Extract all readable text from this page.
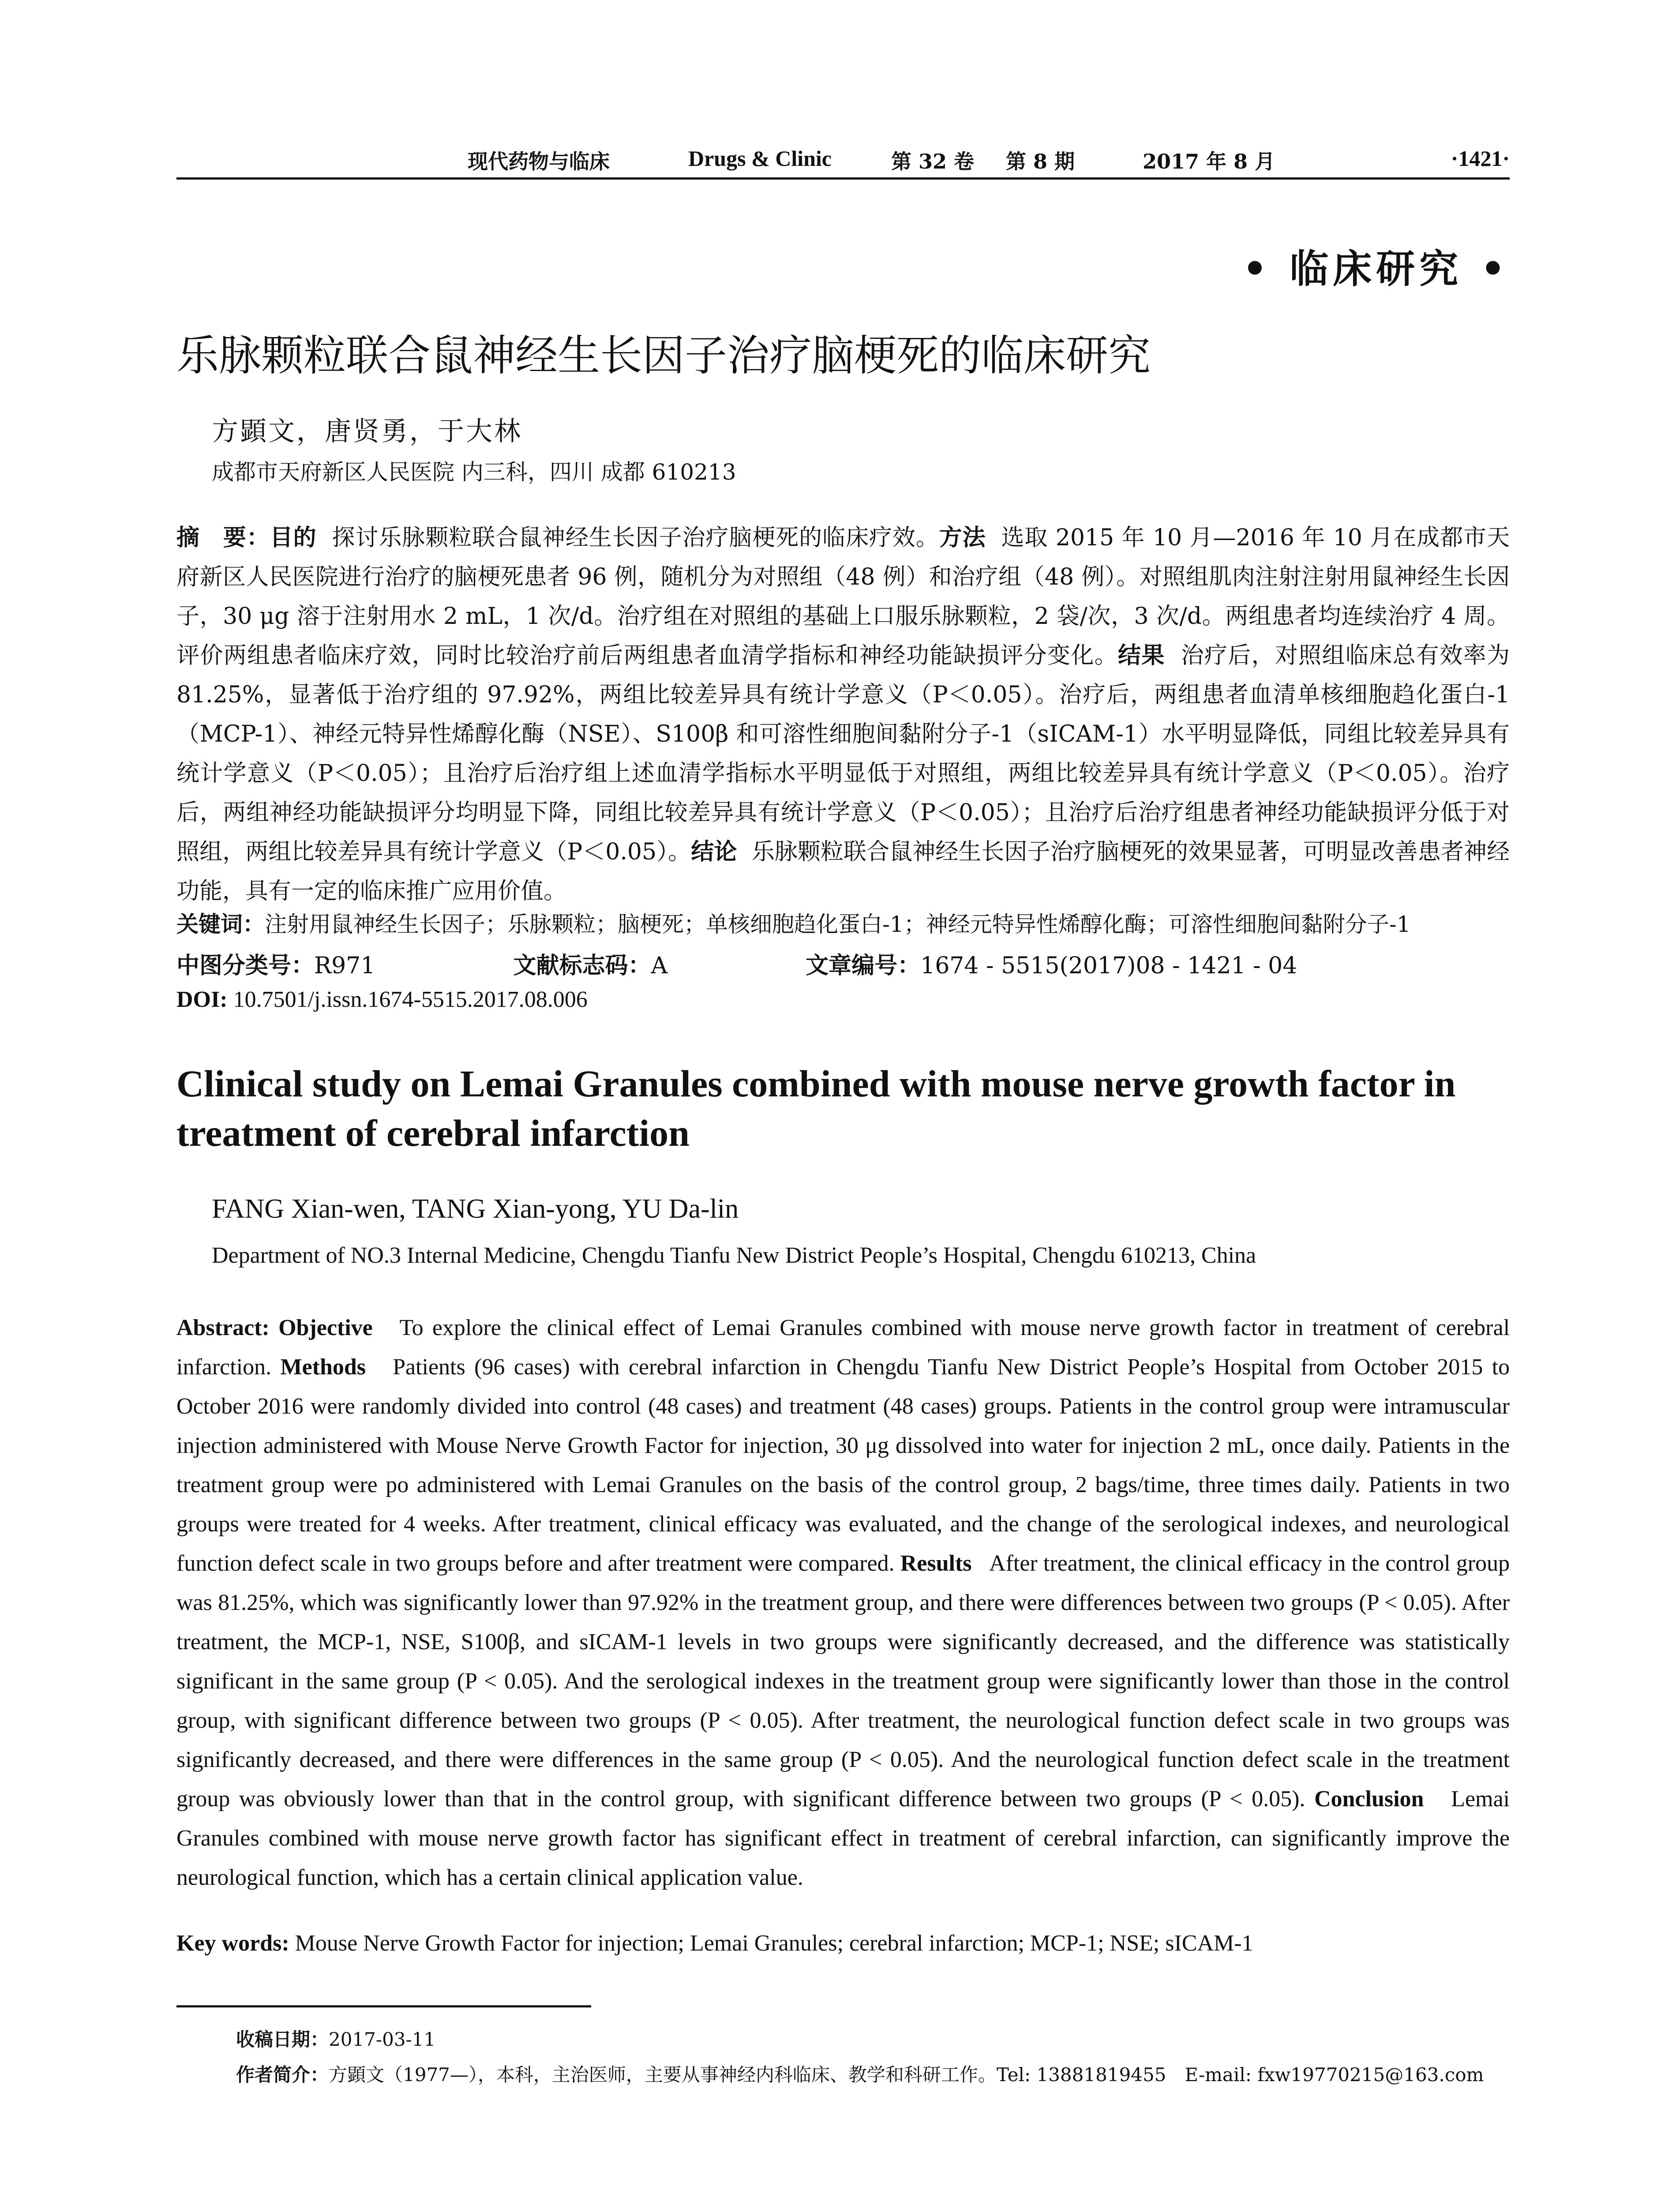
现代药物与临床	Drugs & Clinic	第 32 卷 第 8 期	2017 年 8 月	·1421·
• 临床研究 •
乐脉颗粒联合鼠神经生长因子治疗脑梗死的临床研究
方顕文，唐贤勇，于大林
成都市天府新区人民医院 内三科，四川 成都 610213
摘　要：目的 探讨乐脉颗粒联合鼠神经生长因子治疗脑梗死的临床疗效。方法 选取 2015 年 10 月—2016 年 10 月在成都市天府新区人民医院进行治疗的脑梗死患者 96 例，随机分为对照组（48 例）和治疗组（48 例）。对照组肌肉注射注射用鼠神经生长因子，30 μg 溶于注射用水 2 mL，1 次/d。治疗组在对照组的基础上口服乐脉颗粒，2 袋/次，3 次/d。两组患者均连续治疗 4 周。评价两组患者临床疗效，同时比较治疗前后两组患者血清学指标和神经功能缺损评分变化。结果 治疗后，对照组临床总有效率为 81.25%，显著低于治疗组的 97.92%，两组比较差异具有统计学意义（P＜0.05）。治疗后，两组患者血清单核细胞趋化蛋白-1（MCP-1）、神经元特异性烯醇化酶（NSE）、S100β 和可溶性细胞间黏附分子-1（sICAM-1）水平明显降低，同组比较差异具有统计学意义（P＜0.05）；且治疗后治疗组上述血清学指标水平明显低于对照组，两组比较差异具有统计学意义（P＜0.05）。治疗后，两组神经功能缺损评分均明显下降，同组比较差异具有统计学意义（P＜0.05）；且治疗后治疗组患者神经功能缺损评分低于对照组，两组比较差异具有统计学意义（P＜0.05）。结论 乐脉颗粒联合鼠神经生长因子治疗脑梗死的效果显著，可明显改善患者神经功能，具有一定的临床推广应用价值。
关键词：注射用鼠神经生长因子；乐脉颗粒；脑梗死；单核细胞趋化蛋白-1；神经元特异性烯醇化酶；可溶性细胞间黏附分子-1
中图分类号：R971	文献标志码：A	文章编号：1674 - 5515(2017)08 - 1421 - 04
DOI: 10.7501/j.issn.1674-5515.2017.08.006
Clinical study on Lemai Granules combined with mouse nerve growth factor in treatment of cerebral infarction
FANG Xian-wen, TANG Xian-yong, YU Da-lin
Department of NO.3 Internal Medicine, Chengdu Tianfu New District People’s Hospital, Chengdu 610213, China
Abstract: Objective To explore the clinical effect of Lemai Granules combined with mouse nerve growth factor in treatment of cerebral infarction. Methods Patients (96 cases) with cerebral infarction in Chengdu Tianfu New District People’s Hospital from October 2015 to October 2016 were randomly divided into control (48 cases) and treatment (48 cases) groups. Patients in the control group were intramuscular injection administered with Mouse Nerve Growth Factor for injection, 30 μg dissolved into water for injection 2 mL, once daily. Patients in the treatment group were po administered with Lemai Granules on the basis of the control group, 2 bags/time, three times daily. Patients in two groups were treated for 4 weeks. After treatment, clinical efficacy was evaluated, and the change of the serological indexes, and neurological function defect scale in two groups before and after treatment were compared. Results After treatment, the clinical efficacy in the control group was 81.25%, which was significantly lower than 97.92% in the treatment group, and there were differences between two groups (P < 0.05). After treatment, the MCP-1, NSE, S100β, and sICAM-1 levels in two groups were significantly decreased, and the difference was statistically significant in the same group (P < 0.05). And the serological indexes in the treatment group were significantly lower than those in the control group, with significant difference between two groups (P < 0.05). After treatment, the neurological function defect scale in two groups was significantly decreased, and there were differences in the same group (P < 0.05). And the neurological function defect scale in the treatment group was obviously lower than that in the control group, with significant difference between two groups (P < 0.05). Conclusion Lemai Granules combined with mouse nerve growth factor has significant effect in treatment of cerebral infarction, can significantly improve the neurological function, which has a certain clinical application value.
Key words: Mouse Nerve Growth Factor for injection; Lemai Granules; cerebral infarction; MCP-1; NSE; sICAM-1
收稿日期：2017-03-11
作者简介：方顕文（1977—），本科，主治医师，主要从事神经内科临床、教学和科研工作。Tel: 13881819455　E-mail: fxw19770215@163.com
